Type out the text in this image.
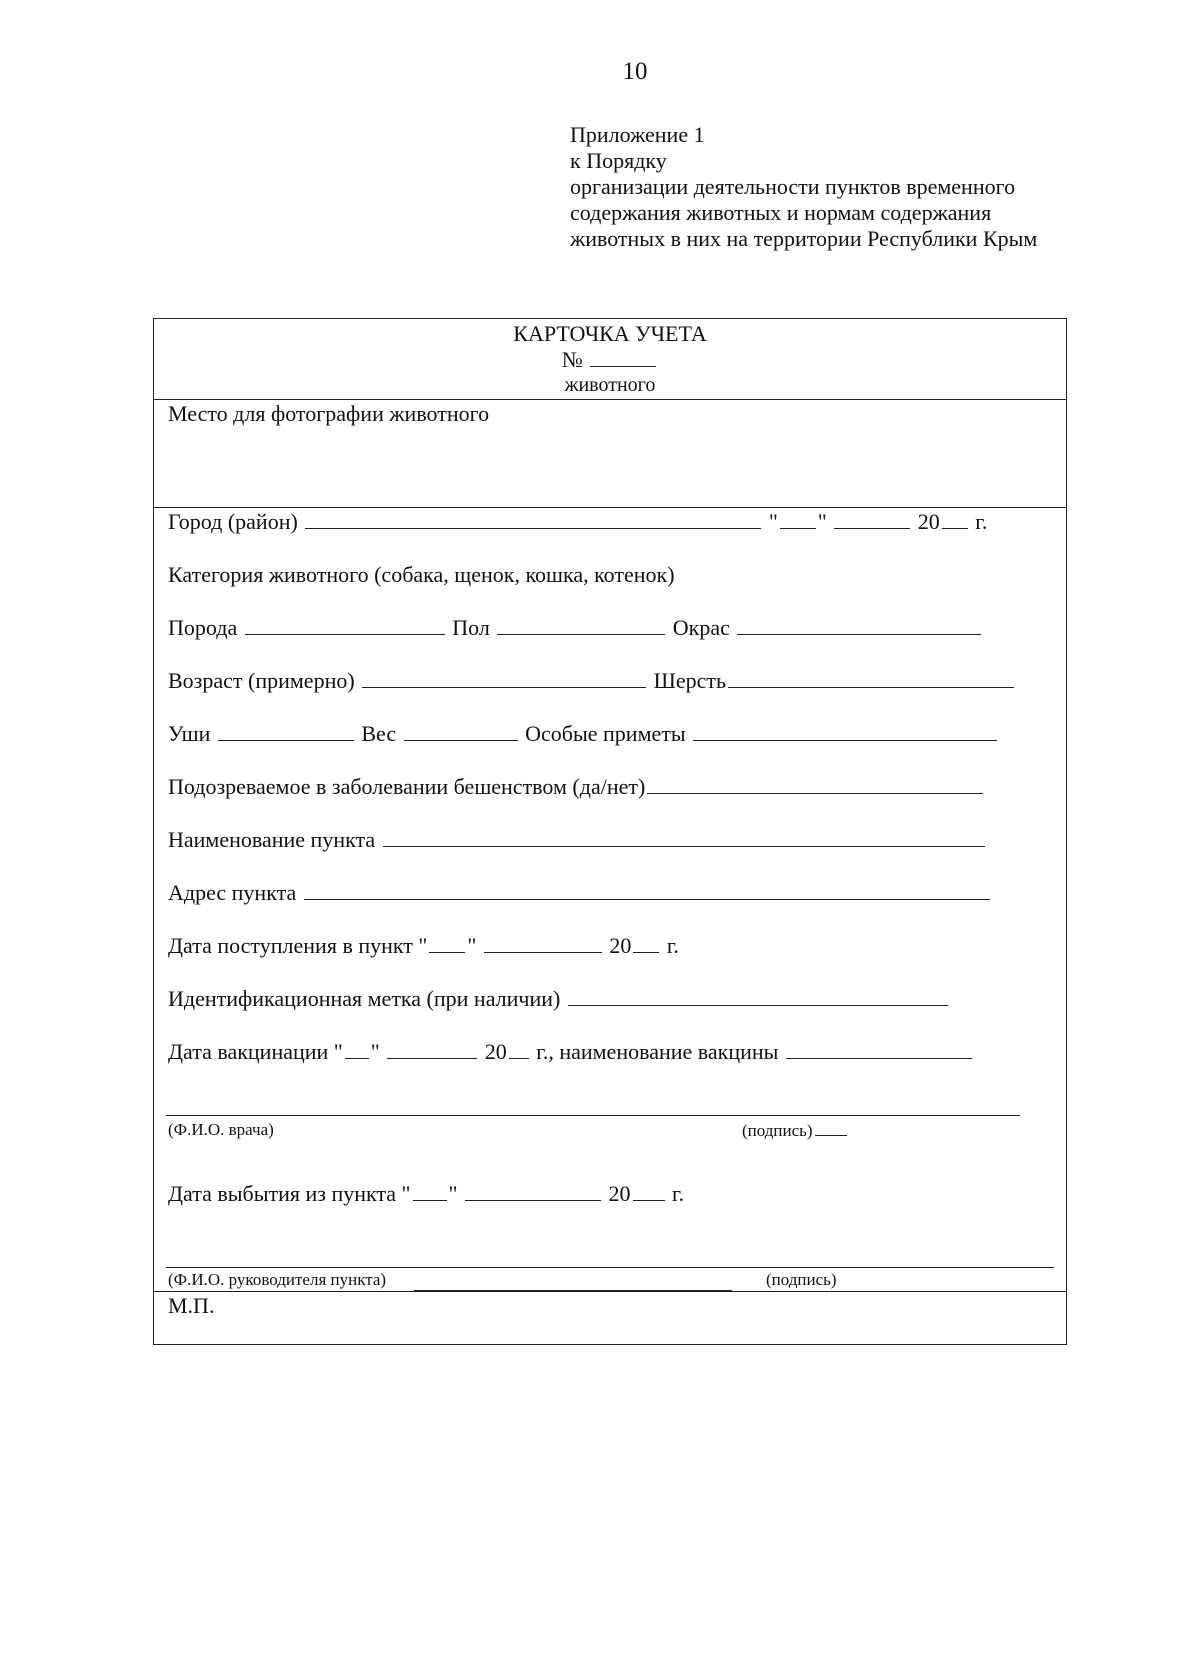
10
Приложение 1
к Порядку
организации деятельности пунктов временного
содержания животных и нормам содержания
животных в них на территории Республики Крым
КАРТОЧКА УЧЕТА
№
животного
Место для фотографии животного
Город (район)	" "	20 г.
Категория животного (собака, щенок, кошка, котенок)
Порода	Пол	Окрас
Возраст (примерно)	Шерсть
Уши	Вес	Особые приметы
Подозреваемое в заболевании бешенством (да/нет)
Наименование пункта
Адрес пункта
Дата поступления в пункт " "	20 г.
Идентификационная метка (при наличии)
Дата вакцинации " "	20 г., наименование вакцины
(Ф.И.О. врача)	(подпись)
Дата выбытия из пункта " "	20 г.
(Ф.И.О. руководителя пункта)	(подпись)
М.П.
